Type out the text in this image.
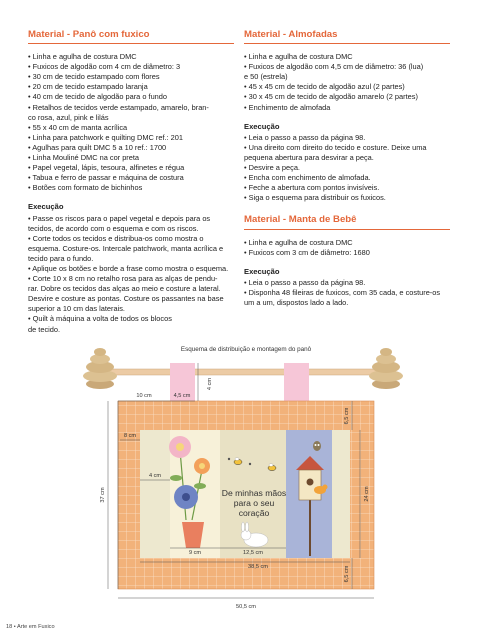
Material - Panô com fuxico
• Linha e agulha de costura DMC
• Fuxicos de algodão com 4 cm de diâmetro: 3
• 30 cm de tecido estampado com flores
• 20 cm de tecido estampado laranja
• 40 cm de tecido de algodão para o fundo
• Retalhos de tecidos verde estampado, amarelo, bran-
co rosa, azul, pink e lilás
• 55 x 40 cm de manta acrílica
• Linha para patchwork e quilting DMC ref.: 201
• Agulhas para quilt DMC 5 a 10 ref.: 1700
• Linha Mouliné DMC na cor preta
• Papel vegetal, lápis, tesoura, alfinetes e régua
• Tabua e ferro de passar e máquina de costura
• Botões com formato de bichinhos
Execução
• Passe os riscos para o papel vegetal e depois para os
tecidos, de acordo com o esquema e com os riscos.
• Corte todos os tecidos e distribua-os como mostra o
esquema. Costure-os. Intercale patchwork, manta acrílica e
tecido para o fundo.
• Aplique os botões e borde a frase como mostra o esquema.
• Corte 10 x 8 cm no retalho rosa para as alças de pendu-
rar. Dobre os tecidos das alças ao meio e costure a lateral.
Desvire e costure as pontas. Costure os passantes na base
superior a 10 cm das laterais.
• Quilt à máquina a volta de todos os blocos
de tecido.
Material - Almofadas
• Linha e agulha de costura DMC
• Fuxicos de algodão com 4,5 cm de diâmetro: 36 (lua)
e 50 (estrela)
• 45 x 45 cm de tecido de algodão azul (2 partes)
• 30 x 45 cm de tecido de algodão amarelo (2 partes)
• Enchimento de almofada
Execução
• Leia o passo a passo da página 98.
• Una direito com direito do tecido e costure. Deixe uma
pequena abertura para desvirar a peça.
• Desvire a peça.
• Encha com enchimento de almofada.
• Feche a abertura com pontos invisíveis.
• Siga o esquema para distribuir os fuxicos.
Material - Manta de Bebê
• Linha e agulha de costura DMC
• Fuxicos com 3 cm de diâmetro: 1680
Execução
• Leia o passo a passo da página 98.
• Disponha 48 fileiras de fuxicos, com 35 cada, e costure-os
um a um, dispostos lado a lado.
Esquema de distribuição e montagem do panô
De minhas mãos
para o seu
coração
10 cm	4,5 cm
4 cm
6,5 cm
8 cm
4 cm
37 cm	24 cm
9 cm	12,5 cm
38,5 cm	6,5 cm
50,5 cm
18 • Arte em Fuxico
